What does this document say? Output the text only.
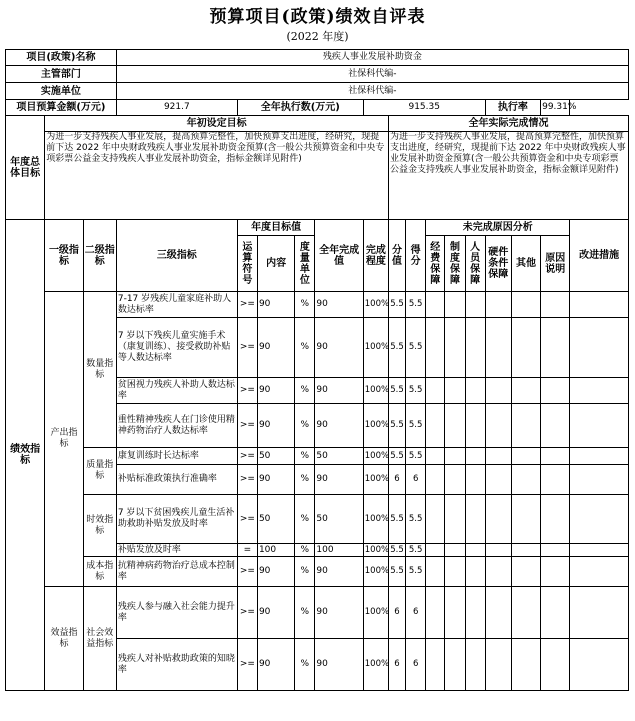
预算项目(政策)绩效自评表
(2022 年度)
项目(政策)名称			残疾人事业发展补助资金														
主管部门			社保科代编-														
实施单位			社保科代编-														
项目预算金额(万元)			921.7	全年执行数(万元)				915.35						执行率		99.31%	
年度总体目标	年初设定目标								全年实际完成情况								
	为进一步支持残疾人事业发展，提高预算完整性，加快预算支出进度，经研究，现提前下达 2022 年中央财政残疾人事业发展补助资金预算(含一般公共预算资金和中央专项彩票公益金支持残疾人事业发展补助资金，指标金额详见附件)								为进一步支持残疾人事业发展，提高预算完整性，加快预算支出进度，经研究，现提前下达 2022 年中央财政残疾人事业发展补助资金预算(含一般公共预算资金和中央专项彩票公益金支持残疾人事业发展补助资金，指标金额详见附件)								
绩效指标	一级指标	二级指标	三级指标	年度目标值			全年完成值	完成程度	分值	得分	未完成原因分析						改进措施
				运算符号	内容	度量单位					经费保障	制度保障	人员保障	硬件条件保障	其他	原因说明	
	产出指标	数量指标	7-17 岁残疾儿童家庭补助人数达标率	>=	90	%	90	100%	5.5	5.5							
			7 岁以下残疾儿童实施手术（康复训练）、接受救助补贴等人数达标率	>=	90	%	90	100%	5.5	5.5							
			贫困视力残疾人补助人数达标率	>=	90	%	90	100%	5.5	5.5							
			重性精神残疾人在门诊使用精神药物治疗人数达标率	>=	90	%	90	100%	5.5	5.5							
		质量指标	康复训练时长达标率	>=	50	%	50	100%	5.5	5.5							
			补贴标准政策执行准确率	>=	90	%	90	100%	6	6							
		时效指标	7 岁以下贫困残疾儿童生活补助救助补贴发放及时率	>=	50	%	50	100%	5.5	5.5							
			补贴发放及时率	=	100	%	100	100%	5.5	5.5							
		成本指标	抗精神病药物治疗总成本控制率	>=	90	%	90	100%	5.5	5.5							
	效益指标	社会效益指标	残疾人参与融入社会能力提升率	>=	90	%	90	100%	6	6							
			残疾人对补贴救助政策的知晓率	>=	90	%	90	100%	6	6							
